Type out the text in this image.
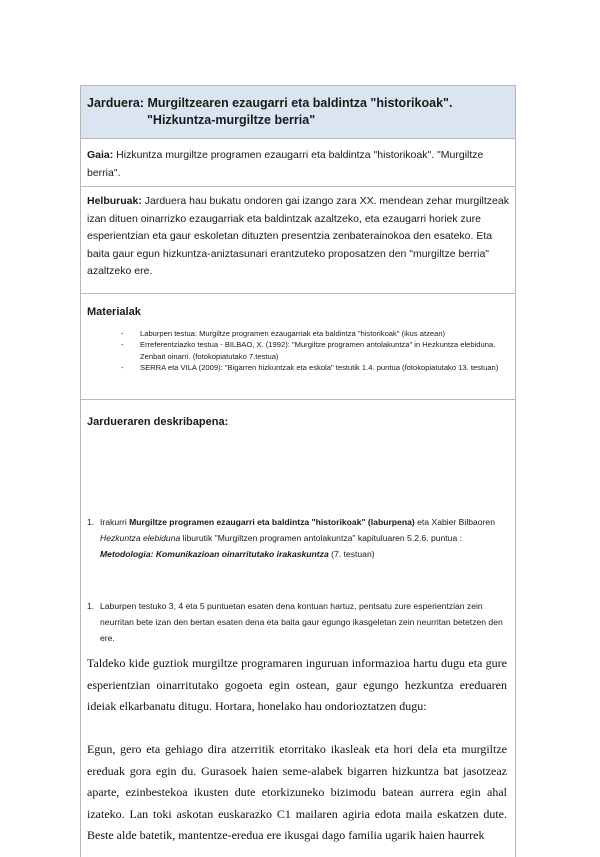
Jarduera: Murgiltzearen ezaugarri eta baldintza "historikoak".
"Hizkuntza-murgiltze berria"
Gaia: Hizkuntza murgiltze programen ezaugarri eta baldintza "historikoak". "Murgiltze berria".
Helburuak: Jarduera hau bukatu ondoren gai izango zara XX. mendean zehar murgiltzeak izan dituen oinarrizko ezaugarriak eta baldintzak azaltzeko, eta ezaugarri horiek zure esperientzian eta gaur eskoletan dituzten presentzia zenbaterainokoa den esateko. Eta baita gaur egun hizkuntza-aniztasunari erantzuteko proposatzen den "murgiltze berria" azaltzeko ere.
Materialak
- Laburpen testua: Murgiltze programen ezaugarriak eta baldintza "historikoak" (ikus atzean)
- Erreferentziazko testua - BILBAO, X. (1992): "Murgiltze programen antolakuntza" in Hezkuntza elebiduna. Zenbait oinarri. (fotokopiatutako 7.testua)
- SERRA eta VILA (2009): "Bigarren hizkuntzak eta eskola" testutik 1.4. puntua (fotokopiatutako 13. testuan)
Jardueraren deskribapena:
1. Irakurri Murgiltze programen ezaugarri eta baldintza "historikoak" (laburpena) eta Xabier Bilbaoren Hezkuntza elebiduna liburutik "Murgiltzen programen antolakuntza" kapituluaren 5.2.6. puntua : Metodologia: Komunikazioan oinarritutako irakaskuntza (7. testuan)
1. Laburpen testuko 3, 4 eta 5 puntuetan esaten dena kontuan hartuz, pentsatu zure esperientzian zein neurritan bete izan den bertan esaten dena eta baita gaur egungo ikasgeletan zein neurritan betetzen den ere.
Taldeko kide guztiok murgiltze programaren inguruan informazioa hartu dugu eta gure esperientzian oinarritutako gogoeta egin ostean, gaur egungo hezkuntza ereduaren ideiak elkarbanatu ditugu. Hortara, honelako hau ondorioztatzen dugu:
Egun, gero eta gehiago dira atzerritik etorritako ikasleak eta hori dela eta murgiltze ereduak gora egin du. Gurasoek haien seme-alabek bigarren hizkuntza bat jasotzeaz aparte, ezinbestekoa ikusten dute etorkizuneko bizimodu batean aurrera egin ahal izateko. Lan toki askotan euskarazko C1 mailaren agiria edota maila eskatzen dute. Beste alde batetik, mantentze-eredua ere ikusgai dago familia ugarik haien haurrek
